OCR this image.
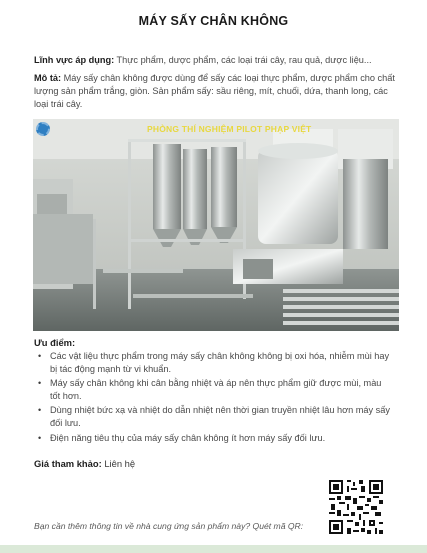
MÁY SẤY CHÂN KHÔNG
Lĩnh vực áp dụng: Thực phẩm, dược phẩm, các loại trái cây, rau quả, dược liệu...
Mô tả: Máy sấy chân không được dùng để sấy các loại thực phẩm, dược phẩm cho chất lượng sản phẩm trắng, giòn. Sản phẩm sấy: sầu riêng, mít, chuối, dứa, thanh long, các loại trái cây.
PHÒNG THÍ NGHIỆM PILOT PHẠP VIỆT
Ưu điểm:
• Các vật liệu thực phẩm trong máy sấy chân không không bị oxi hóa, nhiễm mùi hay bị tác động mạnh từ vi khuẩn.
• Máy sấy chân không khi cân bằng nhiệt và áp nên thực phẩm giữ được mùi, màu tốt hơn.
• Dùng nhiệt bức xạ và nhiệt do dẫn nhiệt nên thời gian truyền nhiệt lâu hơn máy sấy đối lưu.
• Điện năng tiêu thụ của máy sấy chân không ít hơn máy sấy đối lưu.
Giá tham khảo: Liên hệ
Bạn cần thêm thông tin về nhà cung ứng sản phẩm này? Quét mã QR:
